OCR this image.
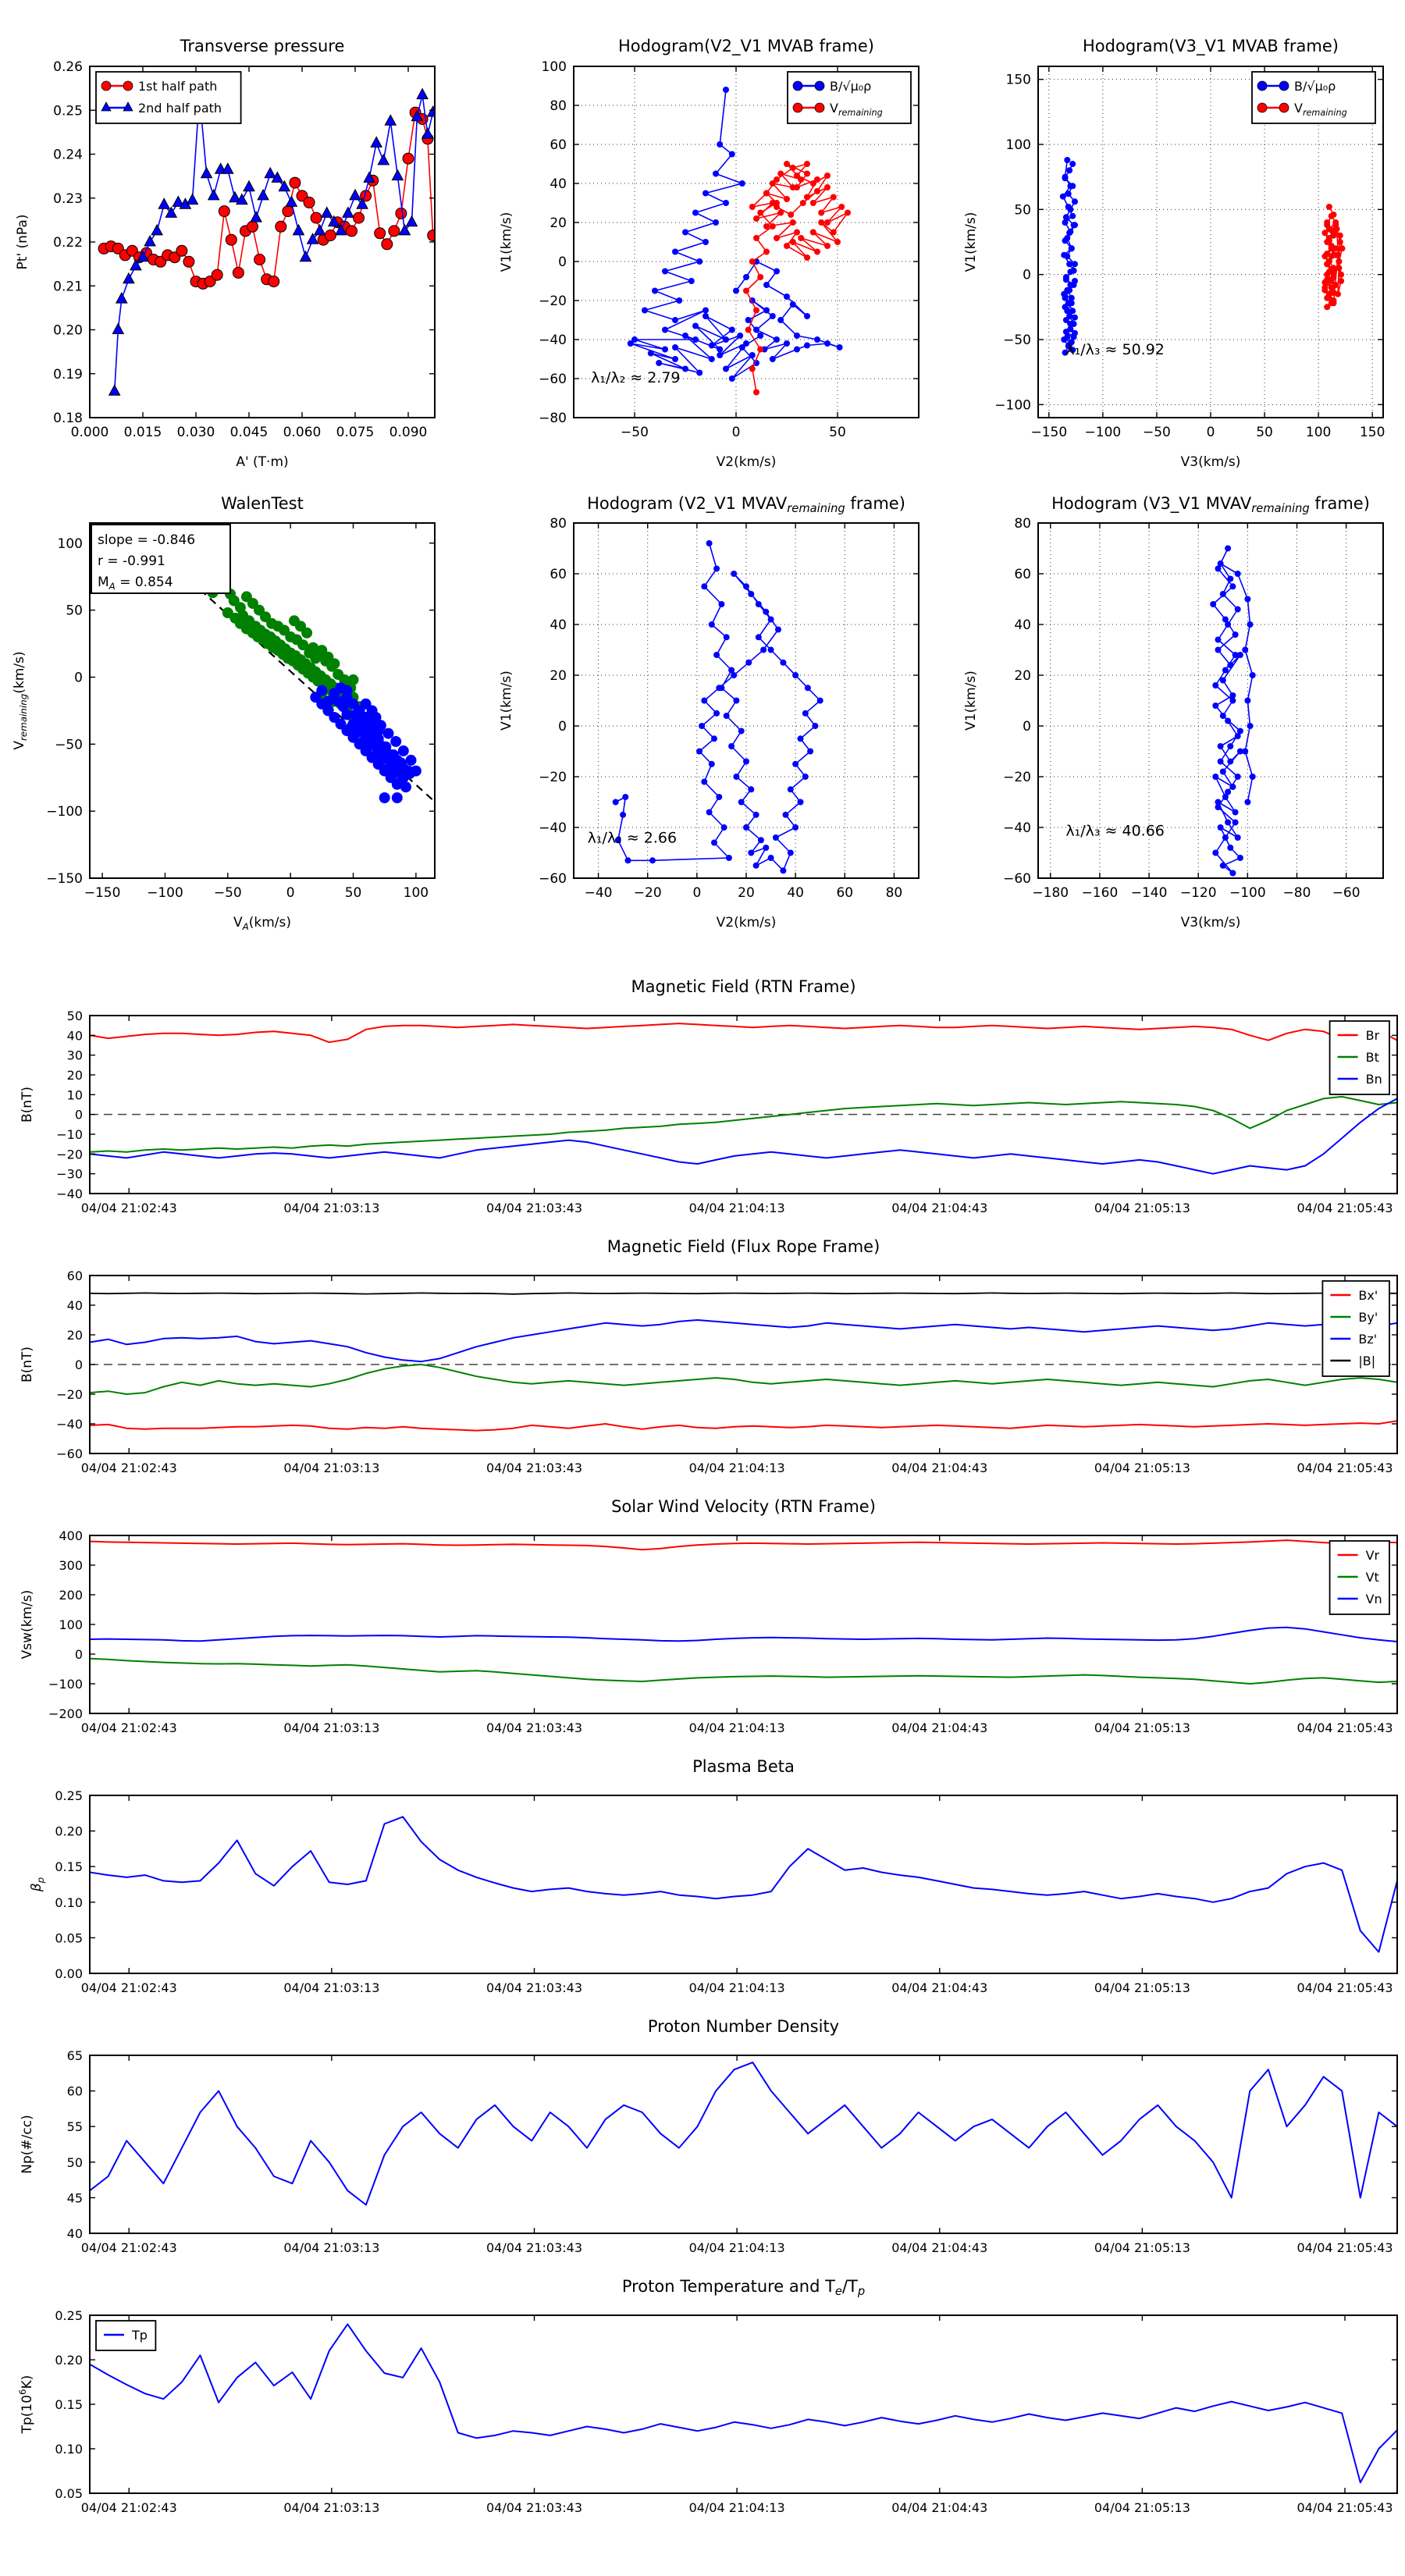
0.000 0.015 0.030 0.045 0.060 0.075 0.090
0.18
0.19
0.20
0.21
0.22
0.23
0.24
0.25
0.26
Transverse pressure
A' (T·m)
Pt' (nPa)
1st half path
2nd half path
−50	0	50
−80
−60
−40
−20
0
20
40
60
80
100
Hodogram(V2_V1 MVAB frame)
V2(km/s)
V1(km/s)
B/√μ₀ρ
$V_{remaining}$
λ₁/λ₂ ≈ 2.79
−150 −100 −50	0	50 100 150
−100
−50
0
50
100
150
Hodogram(V3_V1 MVAB frame)
V3(km/s)
V1(km/s)
B/√μ₀ρ
$V_{remaining}$
λ₁/λ₃ ≈ 50.92
−150 −100 −50	0	50	100
−150
−100
−50
0
50
100
WalenTest
$V_A(km/s)$
$V_{remaining}(km/s)$
slope = -0.846
r = -0.991
$M_A = 0.854$
−40 −20 0	20 40 60 80
−60
−40
−20
0
20
40
60
80
Hodogram (V2_V1 MVAVremaining frame)
V2(km/s)
V1(km/s)
λ₁/λ₂ ≈ 2.66
−180 −160 −140 −120 −100 −80 −60
−60
−40
−20
0
20
40
60
80
Hodogram (V3_V1 MVAVremaining frame)
V3(km/s)
V1(km/s)
λ₁/λ₃ ≈ 40.66
04/04 21:02:43	04/04 21:03:13	04/04 21:03:43	04/04 21:04:13	04/04 21:04:43	04/04 21:05:13	04/04 21:05:43
−40
−30
−20
−10
0
10
20
30
40
50
Magnetic Field (RTN Frame)
B(nT)
Br
Bt
Bn
04/04 21:02:43	04/04 21:03:13	04/04 21:03:43	04/04 21:04:13	04/04 21:04:43	04/04 21:05:13	04/04 21:05:43
−60
−40
−20
0
20
40
60
Magnetic Field (Flux Rope Frame)
B(nT)
Bx'
By'
Bz'
|B|
04/04 21:02:43	04/04 21:03:13	04/04 21:03:43	04/04 21:04:13	04/04 21:04:43	04/04 21:05:13	04/04 21:05:43
−200
−100
0
100
200
300
400
Solar Wind Velocity (RTN Frame)
Vsw(km/s)
Vr
Vt
Vn
04/04 21:02:43	04/04 21:03:13	04/04 21:03:43	04/04 21:04:13	04/04 21:04:43	04/04 21:05:13	04/04 21:05:43
0.00
0.05
0.10
0.15
0.20
0.25
Plasma Beta
$\beta_p$
04/04 21:02:43	04/04 21:03:13	04/04 21:03:43	04/04 21:04:13	04/04 21:04:43	04/04 21:05:13	04/04 21:05:43
40
45
50
55
60
65
Proton Number Density
Np(#/cc)
04/04 21:02:43	04/04 21:03:13	04/04 21:03:43	04/04 21:04:13	04/04 21:04:43	04/04 21:05:13	04/04 21:05:43
0.05
0.10
0.15
0.20
0.25
Proton Temperature and Te/Tp
$Tp(10^6K)$
Tp
